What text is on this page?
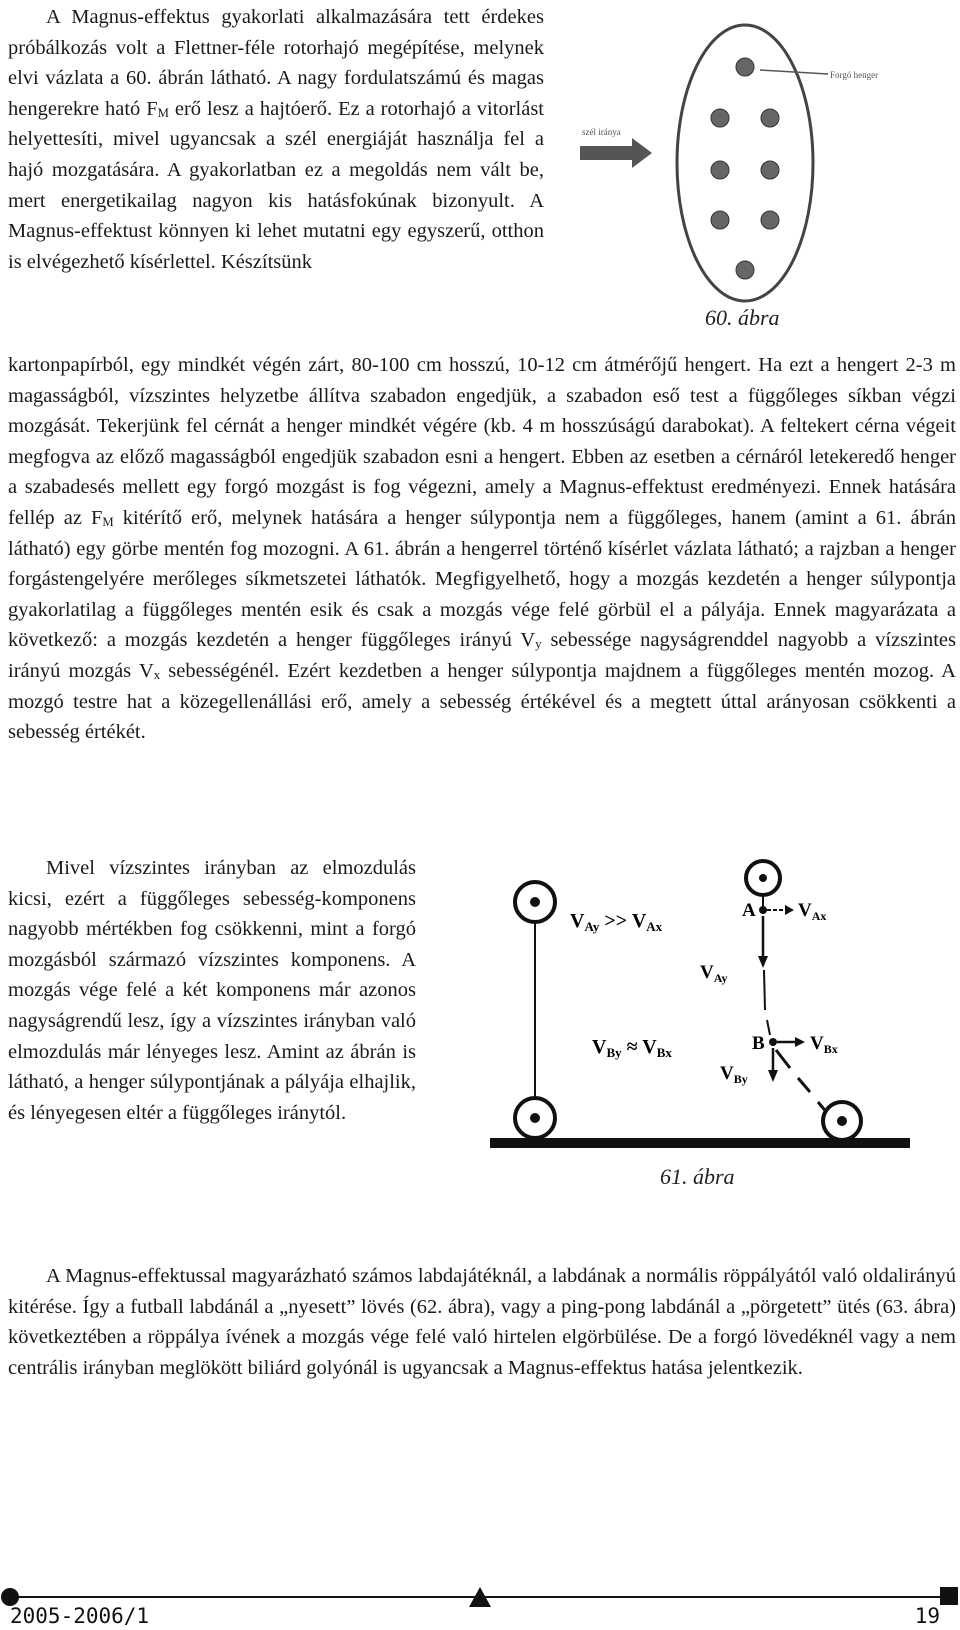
A Magnus-effektus gyakorlati alkalmazására tett érdekes próbálkozás volt a Flettner-féle rotorhajó megépítése, melynek elvi vázlata a 60. ábrán látható. A nagy fordulatszámú és magas hengerekre ható $F_M$ erő lesz a hajtóerő. Ez a rotorhajó a vitorlást helyettesíti, mivel ugyancsak a szél energiáját használja fel a hajó mozgatására. A gyakorlatban ez a megoldás nem vált be, mert energetikailag nagyon kis hatásfokúnak bizonyult. A Magnus-effektust könnyen ki lehet mutatni egy egyszerű, otthon is elvégezhető kísérlettel. Készítsünk

szél iránya
Forgó henger
60. ábra

kartonpapírból, egy mindkét végén zárt, 80-100 cm hosszú, 10-12 cm átmérőjű hengert. Ha ezt a hengert 2-3 m magasságból, vízszintes helyzetbe állítva szabadon engedjük, a szabadon eső test a függőleges síkban végzi mozgását. Tekerjünk fel cérnát a henger mindkét végére (kb. 4 m hosszúságú darabokat). A feltekert cérna végeit megfogva az előző magasságból engedjük szabadon esni a hengert. Ebben az esetben a cérnáról letekeredő henger a szabadesés mellett egy forgó mozgást is fog végezni, amely a Magnus-effektust eredményezi. Ennek hatására fellép az $F_M$ kitérítő erő, melynek hatására a henger súlypontja nem a függőleges, hanem (amint a 61. ábrán látható) egy görbe mentén fog mozogni. A 61. ábrán a hengerrel történő kísérlet vázlata látható; a rajzban a henger forgástengelyére merőleges síkmetszetei láthatók. Megfigyelhető, hogy a mozgás kezdetén a henger súlypontja gyakorlatilag a függőleges mentén esik és csak a mozgás vége felé görbül el a pályája. Ennek magyarázata a következő: a mozgás kezdetén a henger függőleges irányú $V_y$ sebessége nagyságrenddel nagyobb a vízszintes irányú mozgás $V_x$ sebességénél. Ezért kezdetben a henger súlypontja majdnem a függőleges mentén mozog. A mozgó testre hat a közegellenállási erő, amely a sebesség értékével és a megtett úttal arányosan csökkenti a sebesség értékét.

Mivel vízszintes irányban az elmozdulás kicsi, ezért a függőleges sebesség-komponens nagyobb mértékben fog csökkenni, mint a forgó mozgásból származó vízszintes komponens. A mozgás vége felé a két komponens már azonos nagyságrendű lesz, így a vízszintes irányban való elmozdulás már lényeges lesz. Amint az ábrán is látható, a henger súlypontjának a pályája elhajlik, és lényegesen eltér a függőleges iránytól.

A $V_{Ax}$
$V_{Ay}$
B $V_{Bx}$
$V_{By}$
$V_{Ay} >> V_{Ax}$
$V_{By} \approx V_{Bx}$
61. ábra

A Magnus-effektussal magyarázható számos labdajátéknál, a labdának a normális röppályától való oldalirányú kitérése. Így a futball labdánál a „nyesett” lövés (62. ábra), vagy a ping-pong labdánál a „pörgetett” ütés (63. ábra) következtében a röppálya ívének a mozgás vége felé való hirtelen elgörbülése. De a forgó lövedéknél vagy a nem centrális irányban meglökött biliárd golyónál is ugyancsak a Magnus-effektus hatása jelentkezik.

2005-2006/1	19
